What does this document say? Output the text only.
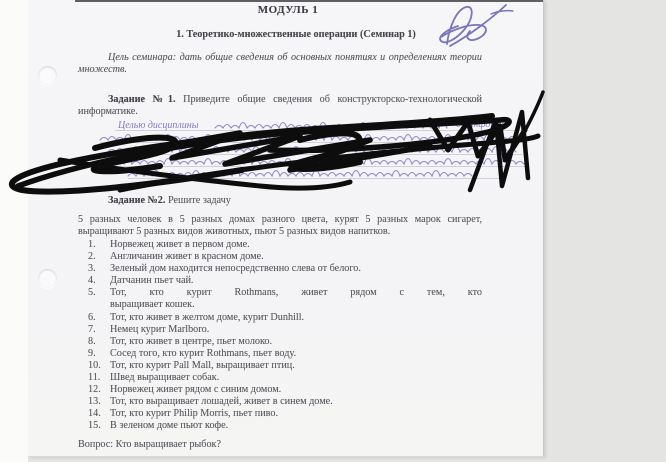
МОДУЛЬ 1
1. Теоретико-множественные операции (Семинар 1)
Цель семинара: дать общие сведения об основных понятиях и определениях теории
множеств.
Задание №1. Приведите общие сведения об конструкторско-технологической
информатике.
Задание №2. Решите задачу
5 разных человек в 5 разных домах разного цвета, курят 5 разных марок сигарет,
выращивают 5 разных видов животных, пьют 5 разных видов напитков.
1. Норвежец живет в первом доме.
2. Англичанин живет в красном доме.
3. Зеленый дом находится непосредственно слева от белого.
4. Датчанин пьет чай.
5. Тот, кто курит Rothmans, живет рядом с тем, кто
выращивает кошек.
6. Тот, кто живет в желтом доме, курит Dunhill.
7. Немец курит Marlboro.
8. Тот, кто живет в центре, пьет молоко.
9. Сосед того, кто курит Rothmans, пьет воду.
10. Тот, кто курит Pall Mall, выращивает птиц.
11. Швед выращивает собак.
12. Норвежец живет рядом с синим домом.
13. Тот, кто выращивает лошадей, живет в синем доме.
14. Тот, кто курит Philip Morris, пьет пиво.
15. В зеленом доме пьют кофе.
Вопрос: Кто выращивает рыбок?
Целью дисциплины	об информа-
